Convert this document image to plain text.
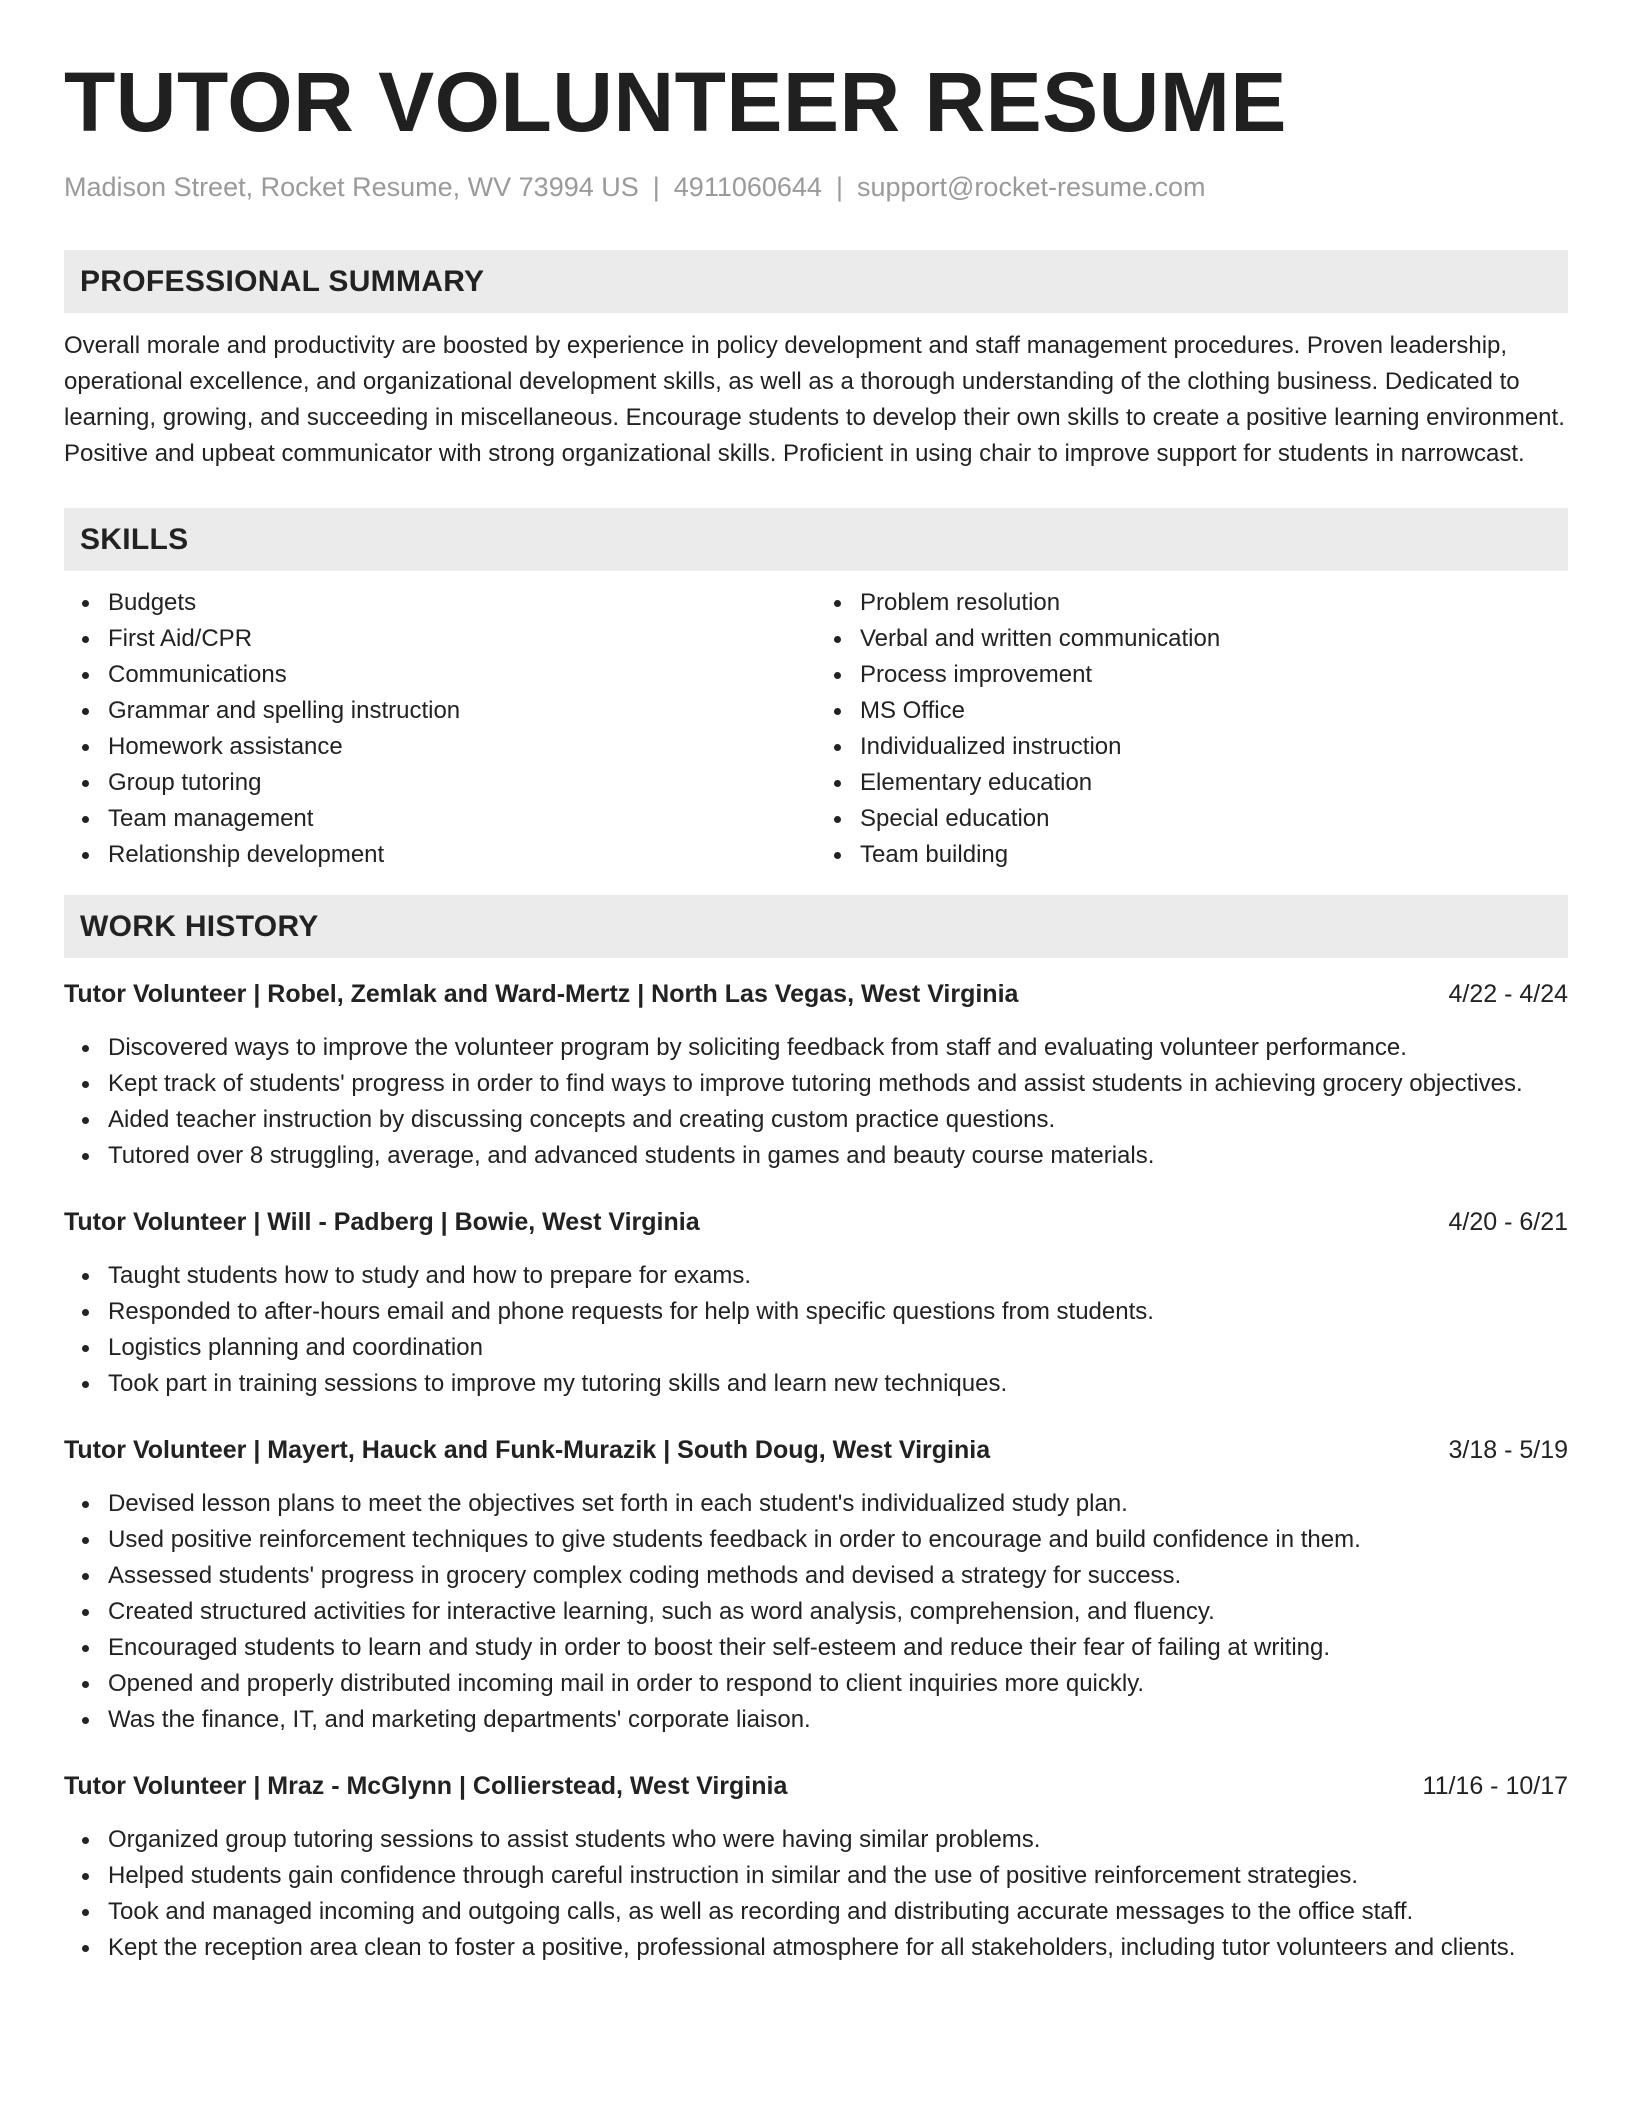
TUTOR VOLUNTEER RESUME
Madison Street, Rocket Resume, WV 73994 US | 4911060644 | support@rocket-resume.com
PROFESSIONAL SUMMARY
Overall morale and productivity are boosted by experience in policy development and staff management procedures. Proven leadership, operational excellence, and organizational development skills, as well as a thorough understanding of the clothing business. Dedicated to learning, growing, and succeeding in miscellaneous. Encourage students to develop their own skills to create a positive learning environment. Positive and upbeat communicator with strong organizational skills. Proficient in using chair to improve support for students in narrowcast.
SKILLS
Budgets
First Aid/CPR
Communications
Grammar and spelling instruction
Homework assistance
Group tutoring
Team management
Relationship development
Problem resolution
Verbal and written communication
Process improvement
MS Office
Individualized instruction
Elementary education
Special education
Team building
WORK HISTORY
Tutor Volunteer | Robel, Zemlak and Ward-Mertz | North Las Vegas, West Virginia	4/22 - 4/24
Discovered ways to improve the volunteer program by soliciting feedback from staff and evaluating volunteer performance.
Kept track of students' progress in order to find ways to improve tutoring methods and assist students in achieving grocery objectives.
Aided teacher instruction by discussing concepts and creating custom practice questions.
Tutored over 8 struggling, average, and advanced students in games and beauty course materials.
Tutor Volunteer | Will - Padberg | Bowie, West Virginia	4/20 - 6/21
Taught students how to study and how to prepare for exams.
Responded to after-hours email and phone requests for help with specific questions from students.
Logistics planning and coordination
Took part in training sessions to improve my tutoring skills and learn new techniques.
Tutor Volunteer | Mayert, Hauck and Funk-Murazik | South Doug, West Virginia	3/18 - 5/19
Devised lesson plans to meet the objectives set forth in each student's individualized study plan.
Used positive reinforcement techniques to give students feedback in order to encourage and build confidence in them.
Assessed students' progress in grocery complex coding methods and devised a strategy for success.
Created structured activities for interactive learning, such as word analysis, comprehension, and fluency.
Encouraged students to learn and study in order to boost their self-esteem and reduce their fear of failing at writing.
Opened and properly distributed incoming mail in order to respond to client inquiries more quickly.
Was the finance, IT, and marketing departments' corporate liaison.
Tutor Volunteer | Mraz - McGlynn | Collierstead, West Virginia	11/16 - 10/17
Organized group tutoring sessions to assist students who were having similar problems.
Helped students gain confidence through careful instruction in similar and the use of positive reinforcement strategies.
Took and managed incoming and outgoing calls, as well as recording and distributing accurate messages to the office staff.
Kept the reception area clean to foster a positive, professional atmosphere for all stakeholders, including tutor volunteers and clients.
